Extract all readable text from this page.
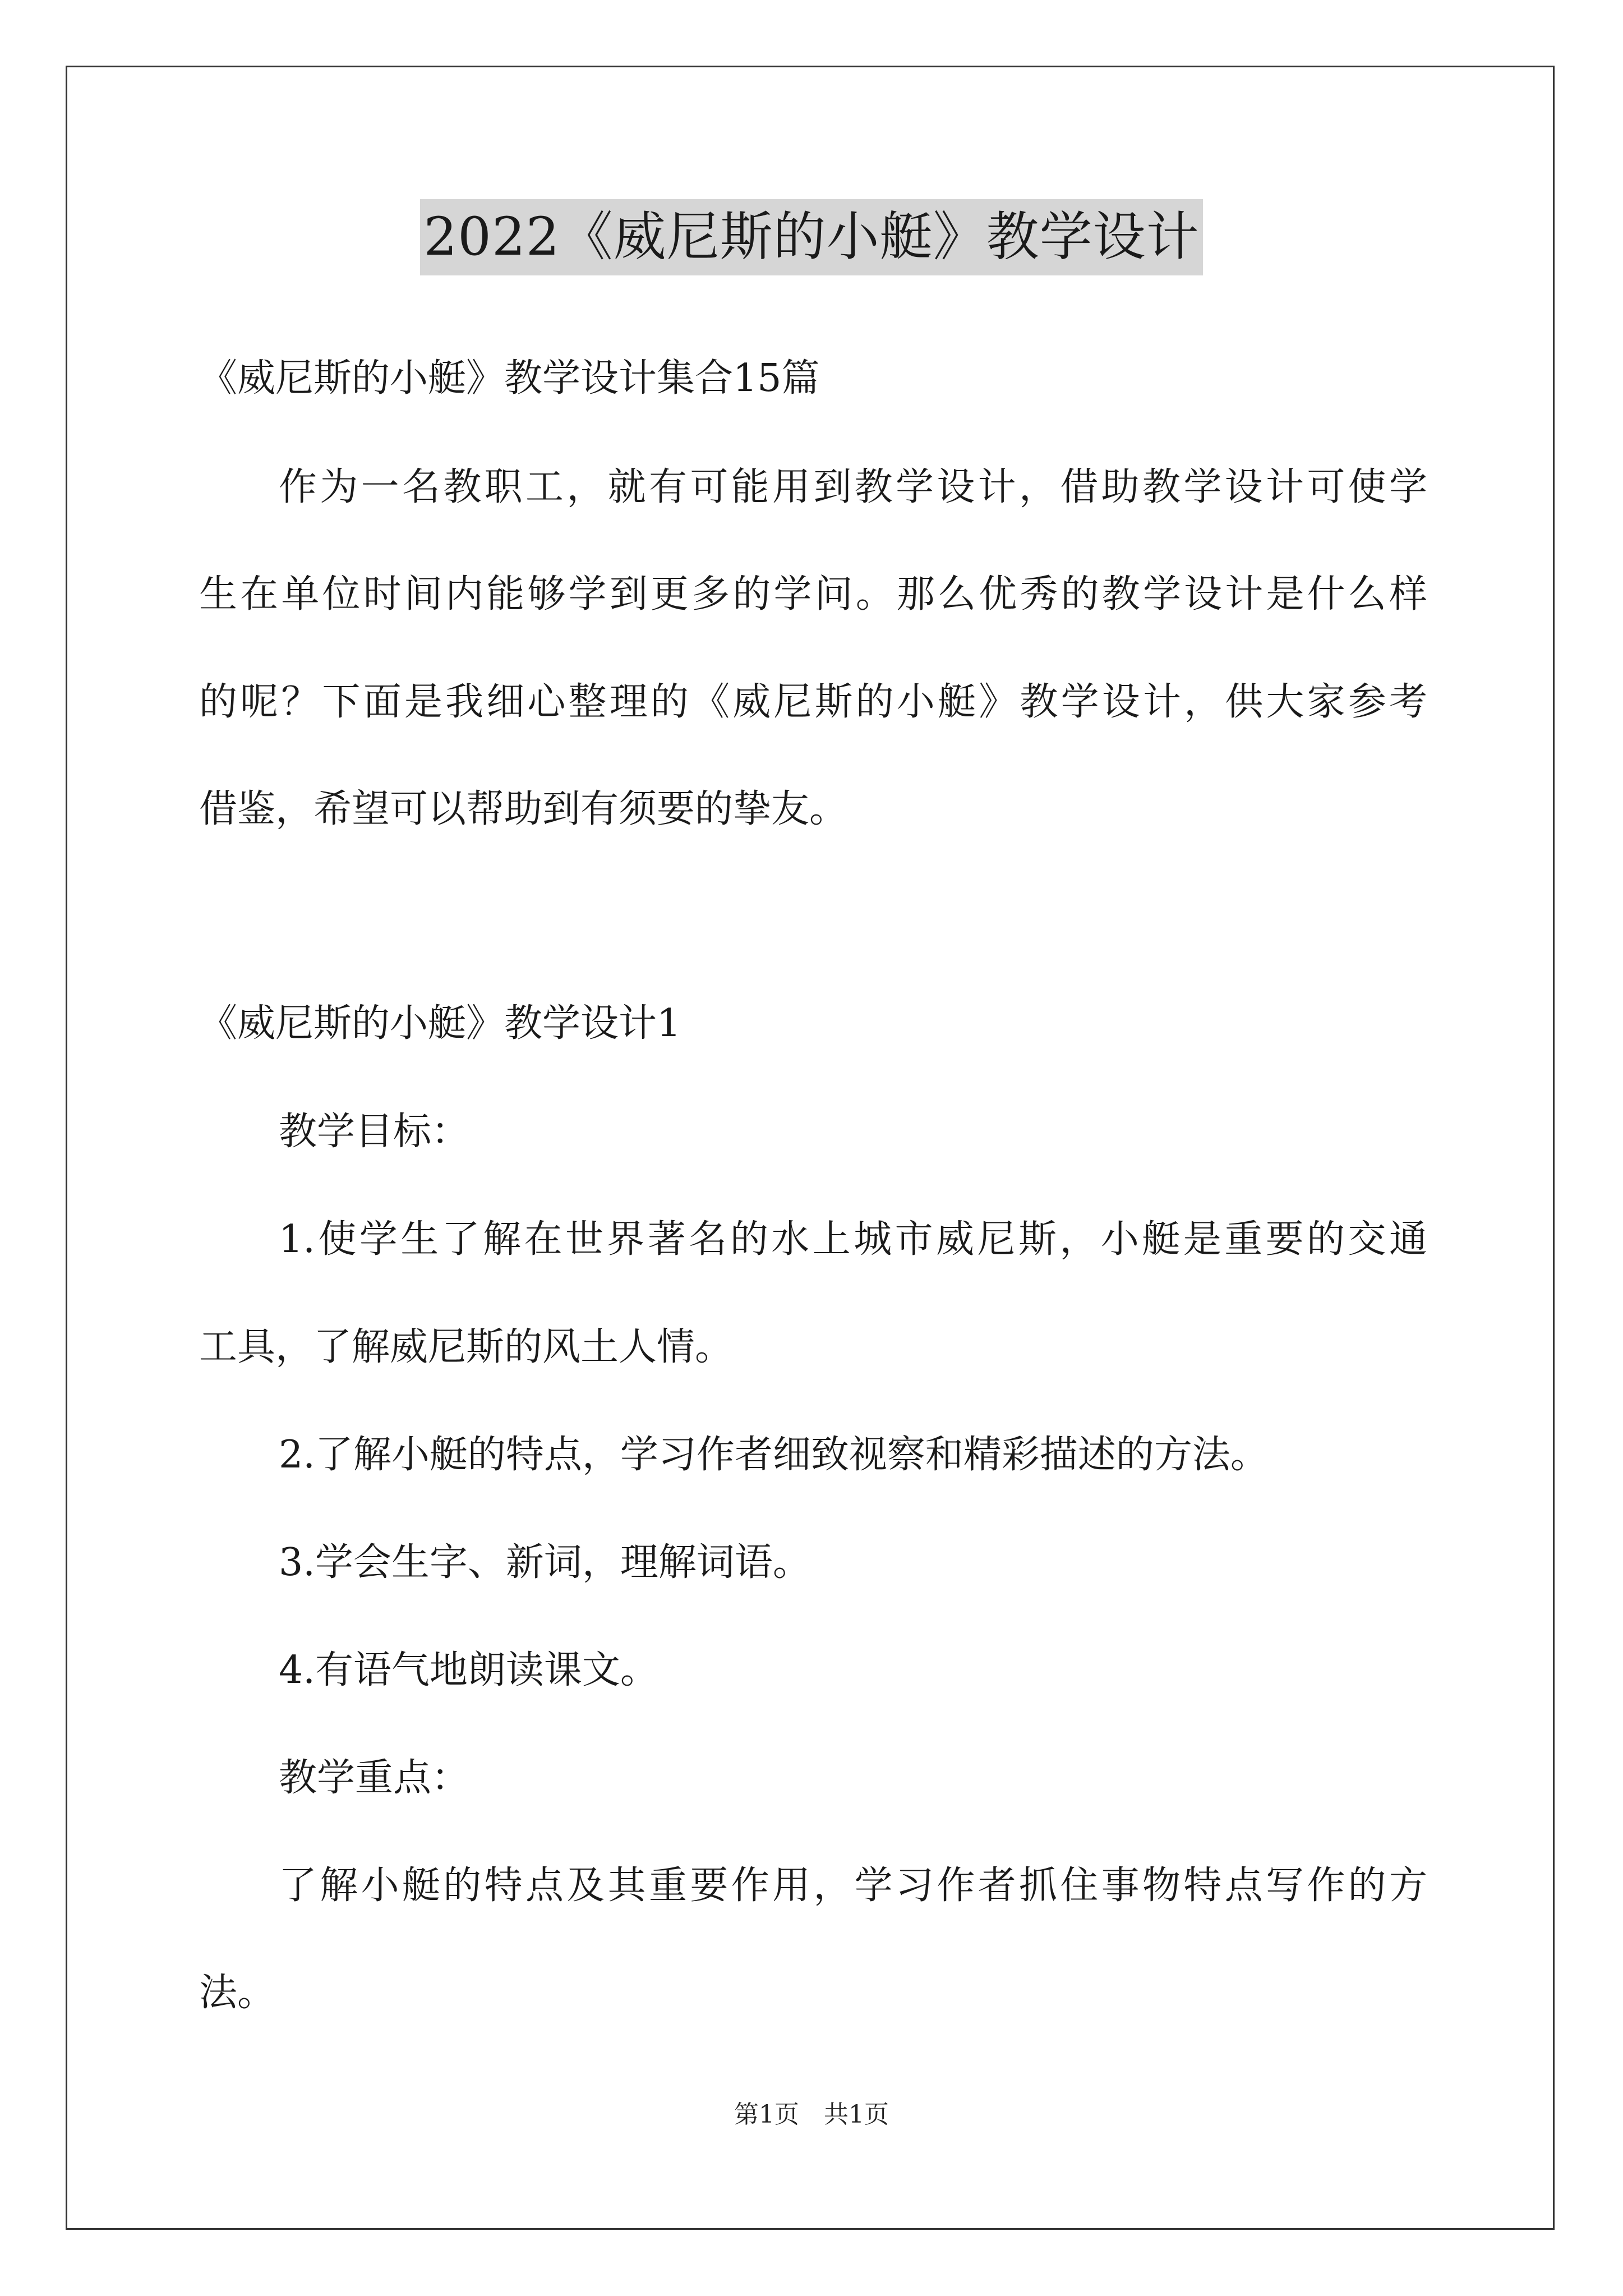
2022《威尼斯的小艇》教学设计
《威尼斯的小艇》教学设计集合15篇
作为一名教职工，就有可能用到教学设计，借助教学设计可使学
生在单位时间内能够学到更多的学问。那么优秀的教学设计是什么样
的呢？下面是我细心整理的《威尼斯的小艇》教学设计，供大家参考
借鉴，希望可以帮助到有须要的挚友。
《威尼斯的小艇》教学设计1
教学目标：
1.使学生了解在世界著名的水上城市威尼斯，小艇是重要的交通
工具，了解威尼斯的风土人情。
2.了解小艇的特点，学习作者细致视察和精彩描述的方法。
3.学会生字、新词，理解词语。
4.有语气地朗读课文。
教学重点：
了解小艇的特点及其重要作用，学习作者抓住事物特点写作的方
法。
第1页　共1页
